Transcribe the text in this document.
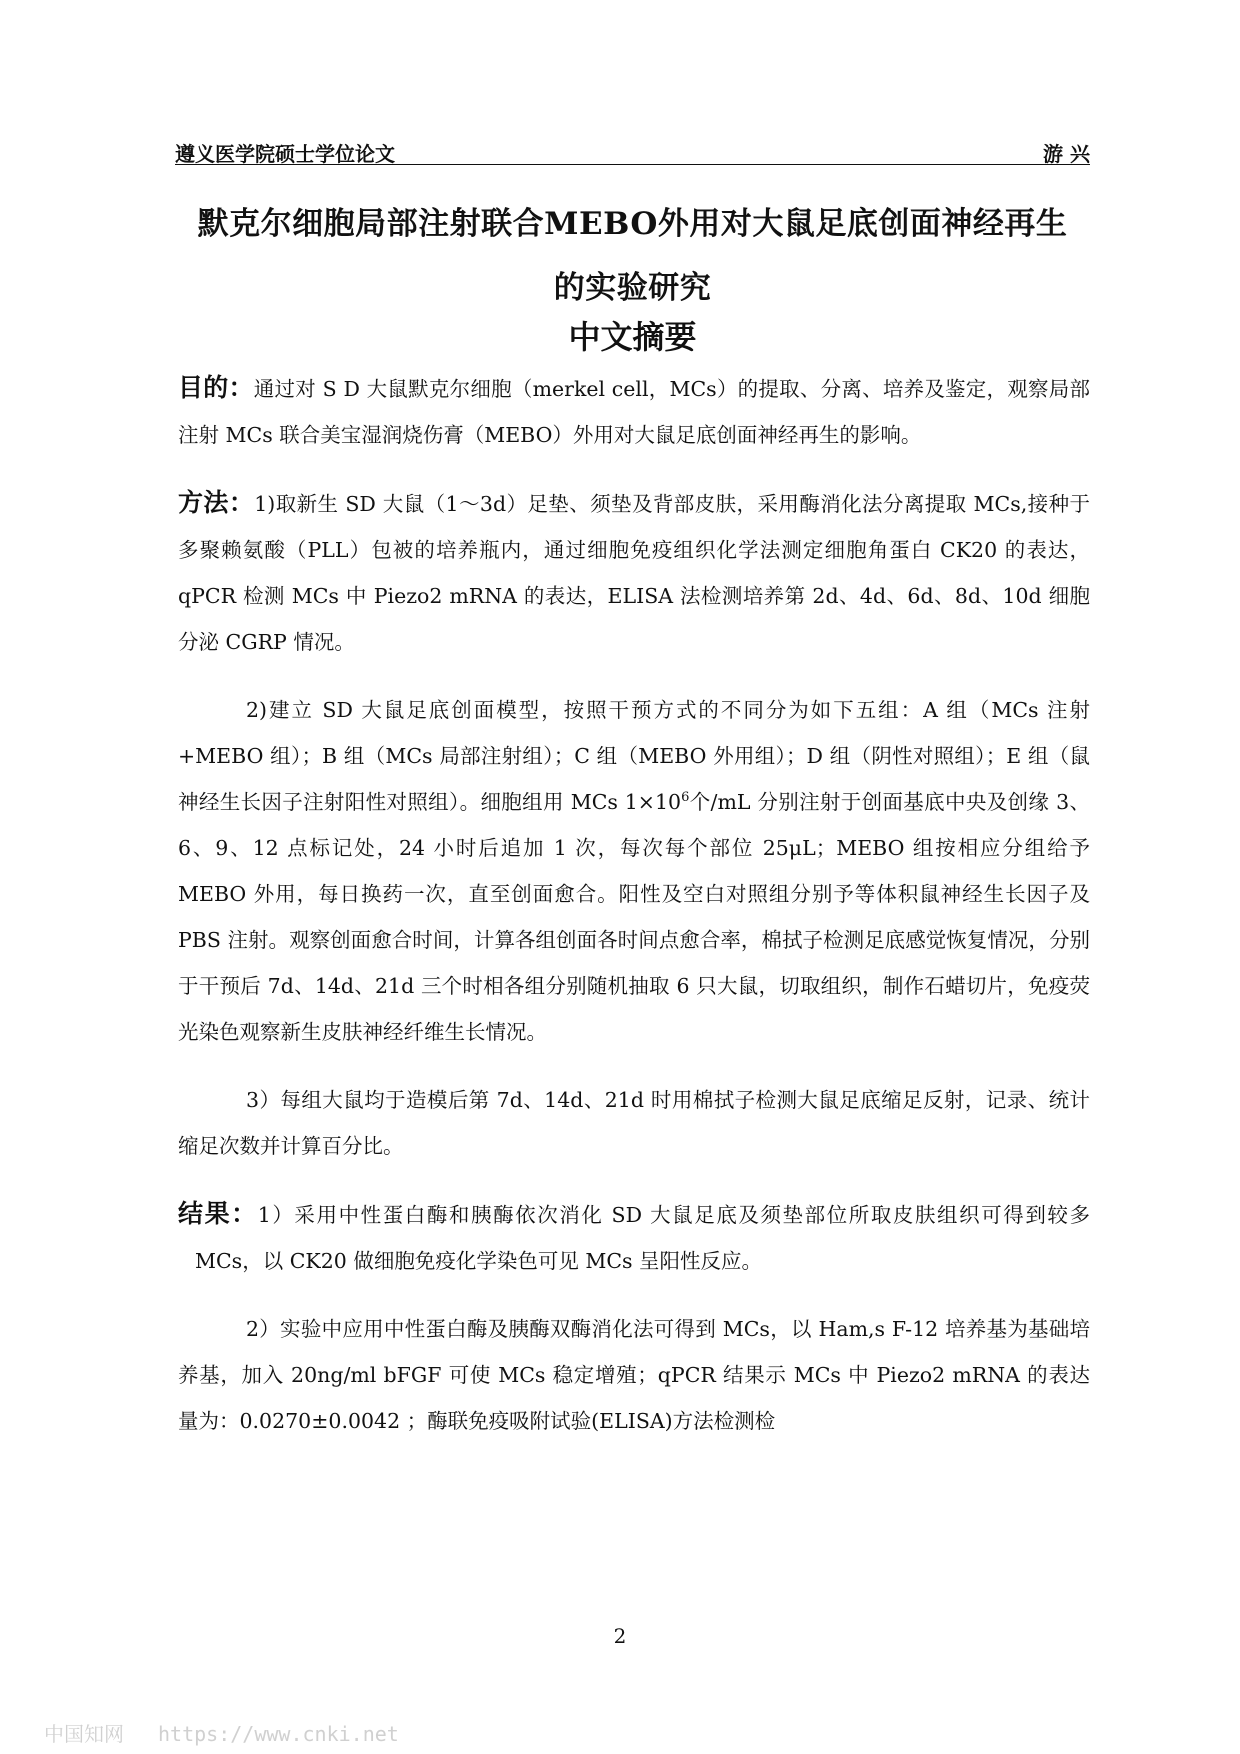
遵义医学院硕士学位论文	游 兴
默克尔细胞局部注射联合MEBO外用对大鼠足底创面神经再生
的实验研究
中文摘要

目的：通过对 S D 大鼠默克尔细胞（merkel cell，MCs）的提取、分离、培养及鉴定，观察局部注射 MCs 联合美宝湿润烧伤膏（MEBO）外用对大鼠足底创面神经再生的影响。

方法：1)取新生 SD 大鼠（1～3d）足垫、须垫及背部皮肤，采用酶消化法分离提取 MCs,接种于多聚赖氨酸（PLL）包被的培养瓶内，通过细胞免疫组织化学法测定细胞角蛋白 CK20 的表达，qPCR 检测 MCs 中 Piezo2 mRNA 的表达，ELISA 法检测培养第 2d、4d、6d、8d、10d 细胞分泌 CGRP 情况。

2)建立 SD 大鼠足底创面模型，按照干预方式的不同分为如下五组：A 组（MCs 注射+MEBO 组）；B 组（MCs 局部注射组）；C 组（MEBO 外用组）；D 组（阴性对照组）；E 组（鼠神经生长因子注射阳性对照组）。细胞组用 MCs $1\times 10^6$个/mL 分别注射于创面基底中央及创缘 3、6、9、12 点标记处，24 小时后追加 1 次，每次每个部位 25μL；MEBO 组按相应分组给予 MEBO 外用，每日换药一次，直至创面愈合。阳性及空白对照组分别予等体积鼠神经生长因子及 PBS 注射。观察创面愈合时间，计算各组创面各时间点愈合率，棉拭子检测足底感觉恢复情况，分别于干预后 7d、14d、21d 三个时相各组分别随机抽取 6 只大鼠，切取组织，制作石蜡切片，免疫荧光染色观察新生皮肤神经纤维生长情况。

3）每组大鼠均于造模后第 7d、14d、21d 时用棉拭子检测大鼠足底缩足反射，记录、统计缩足次数并计算百分比。

结果：1）采用中性蛋白酶和胰酶依次消化 SD 大鼠足底及须垫部位所取皮肤组织可得到较多 MCs，以 CK20 做细胞免疫化学染色可见 MCs 呈阳性反应。

2）实验中应用中性蛋白酶及胰酶双酶消化法可得到 MCs，以 Ham,s F-12 培养基为基础培养基，加入 20ng/ml bFGF 可使 MCs 稳定增殖；qPCR 结果示 MCs 中 Piezo2 mRNA 的表达量为：0.0270±0.0042 ；酶联免疫吸附试验(ELISA)方法检测检

2
中国知网 https://www.cnki.net
